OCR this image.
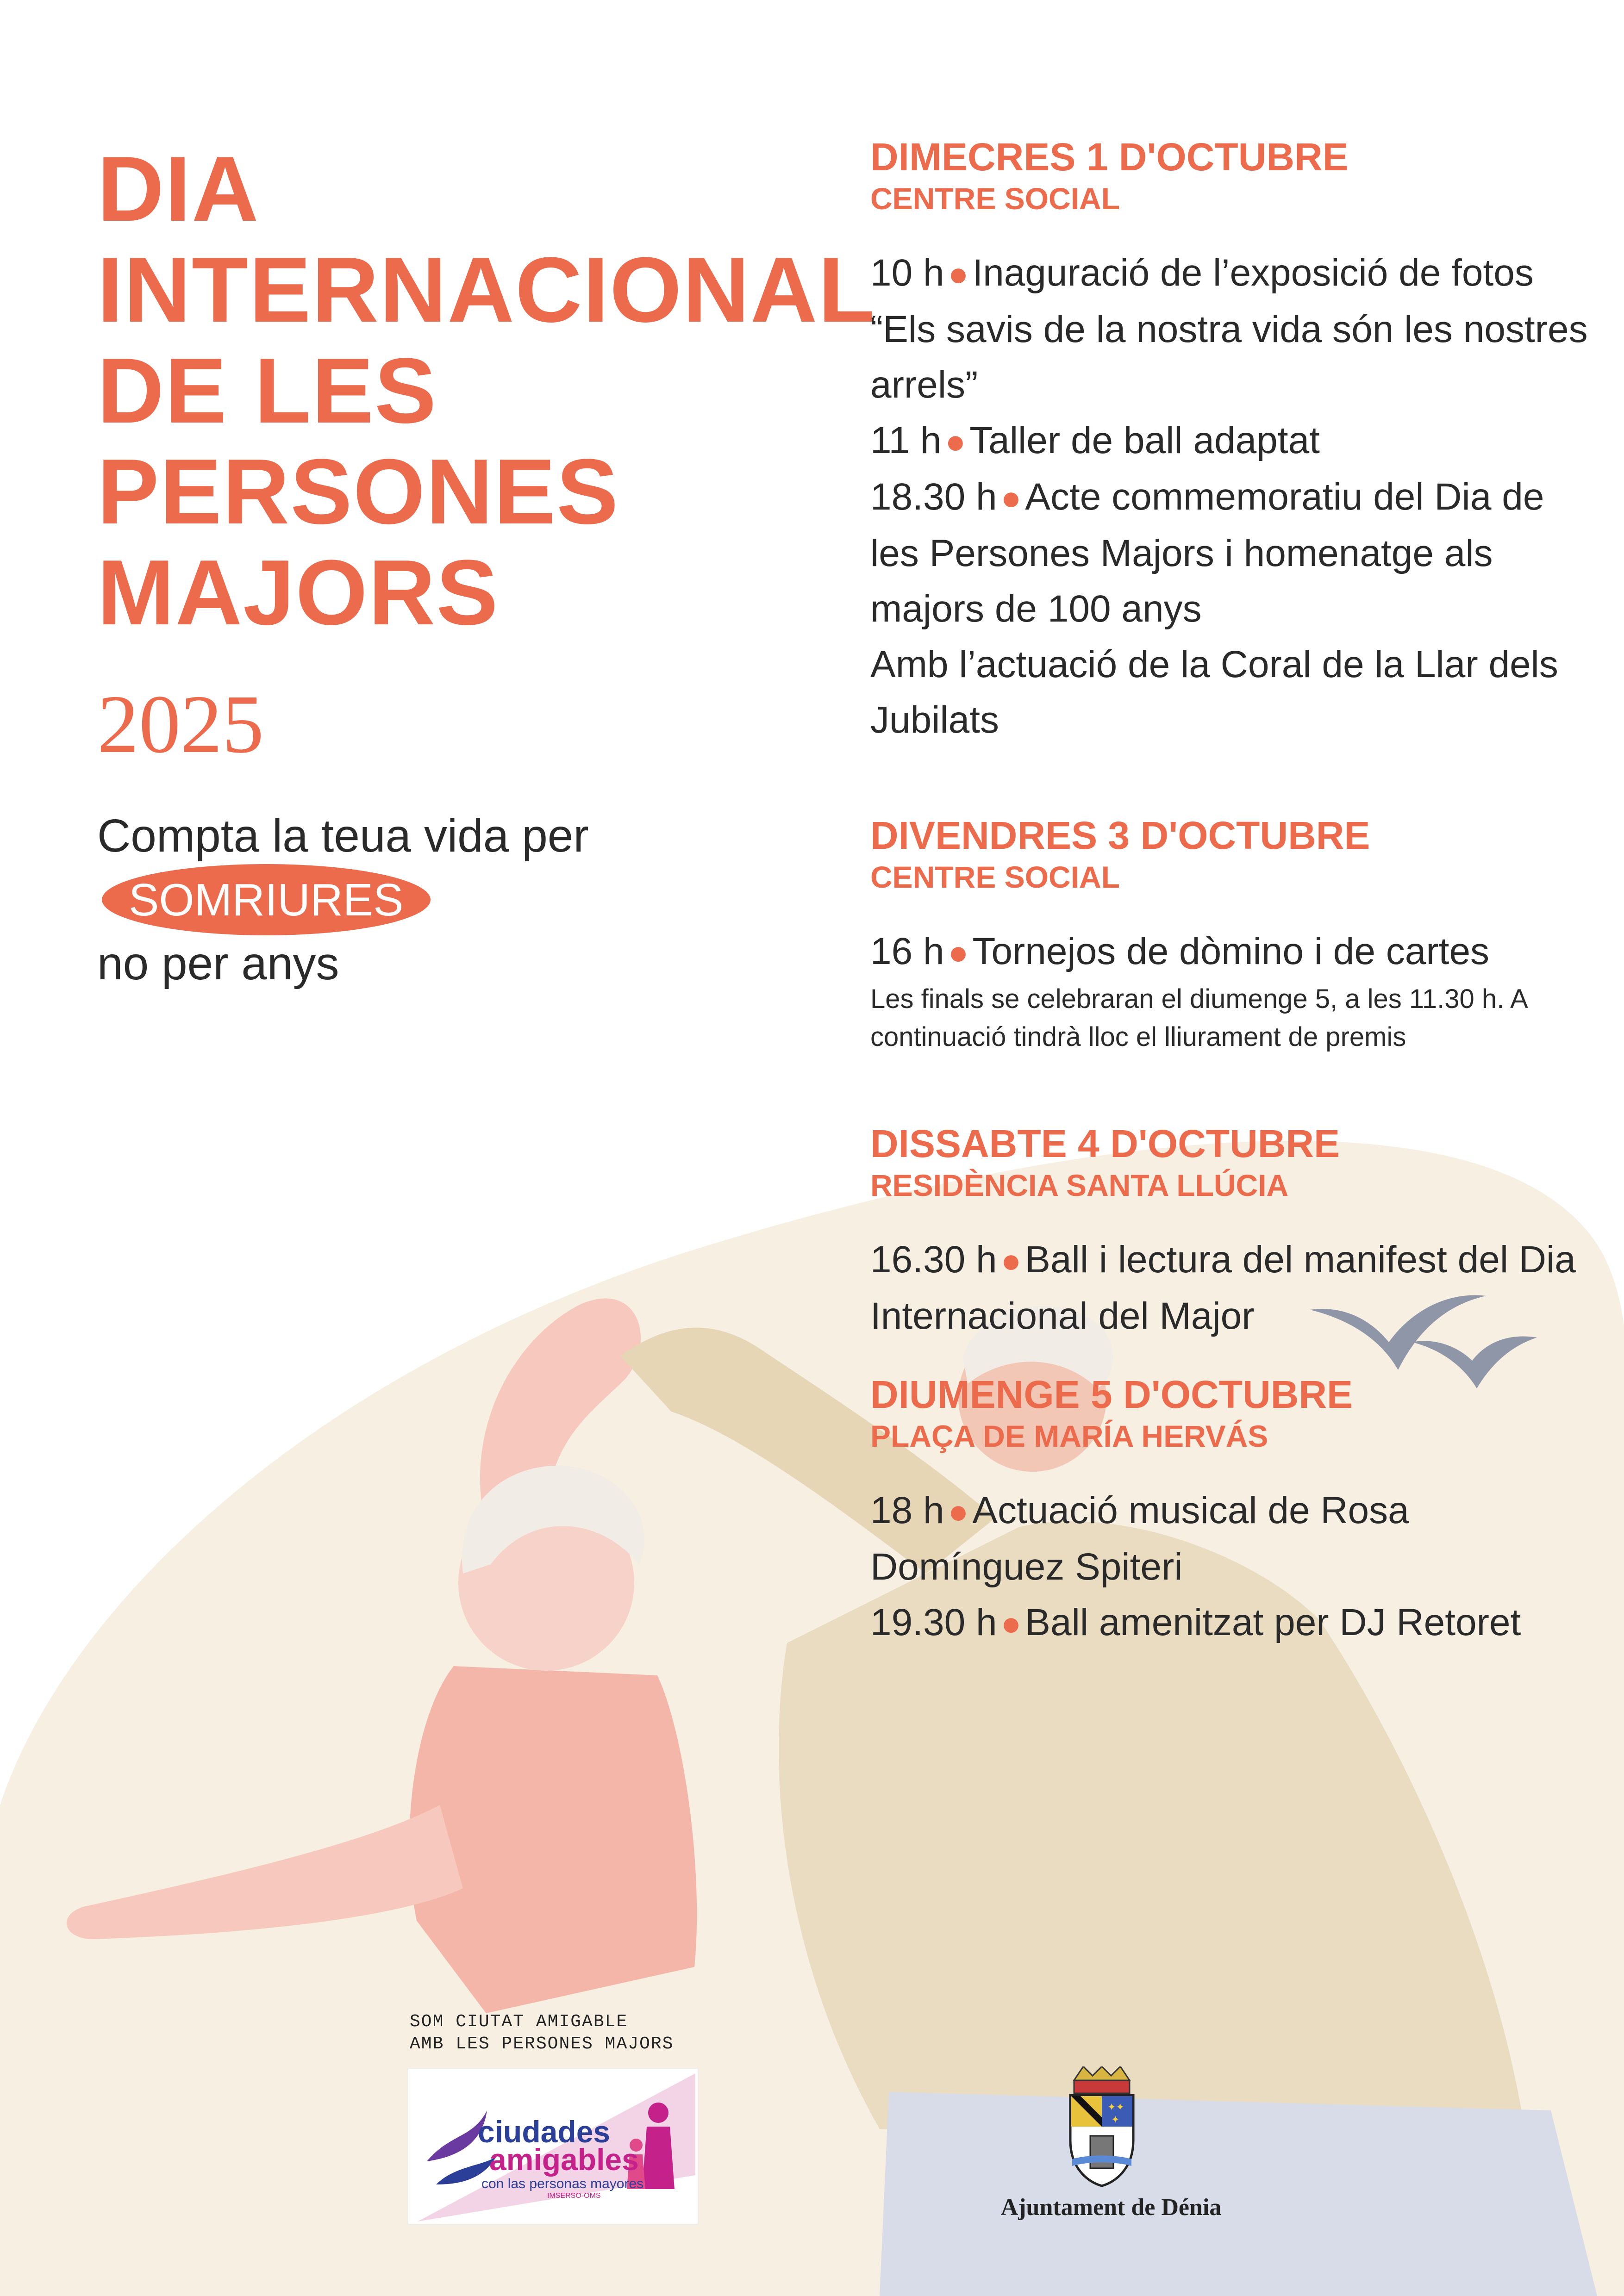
DIA
INTERNACIONAL
DE LES
PERSONES
MAJORS
2025
Compta la teua vida perSOMRIURES
no per anys
DIMECRES 1 D'OCTUBRE
CENTRE SOCIAL
10 h ●Inaguració de l’exposició de fotos “Els savis de la nostra vida són les nostres arrels”
11 h ●Taller de ball adaptat
18.30 h ●Acte commemoratiu del Dia de les Persones Majors i homenatge als majors de 100 anys
Amb l’actuació de la Coral de la Llar dels Jubilats
DIVENDRES 3 D'OCTUBRE
CENTRE SOCIAL
16 h ●Tornejos de dòmino i de cartes
Les finals se celebraran el diumenge 5, a les 11.30 h. A continuació tindrà lloc el lliurament de premis
DISSABTE 4 D'OCTUBRE
RESIDÈNCIA SANTA LLÚCIA
16.30 h ●Ball i lectura del manifest del Dia Internacional del Major
DIUMENGE 5 D'OCTUBRE
PLAÇA DE MARÍA HERVÁS
18 h ●Actuació musical de Rosa Domínguez Spiteri
19.30 h ●Ball amenitzat per DJ Retoret
SOM CIUTAT AMIGABLE
AMB LES PERSONES MAJORS
ciudades
amigables
con las personas mayores
IMSERSO-OMS
✦✦
✦
Ajuntament de Dénia
